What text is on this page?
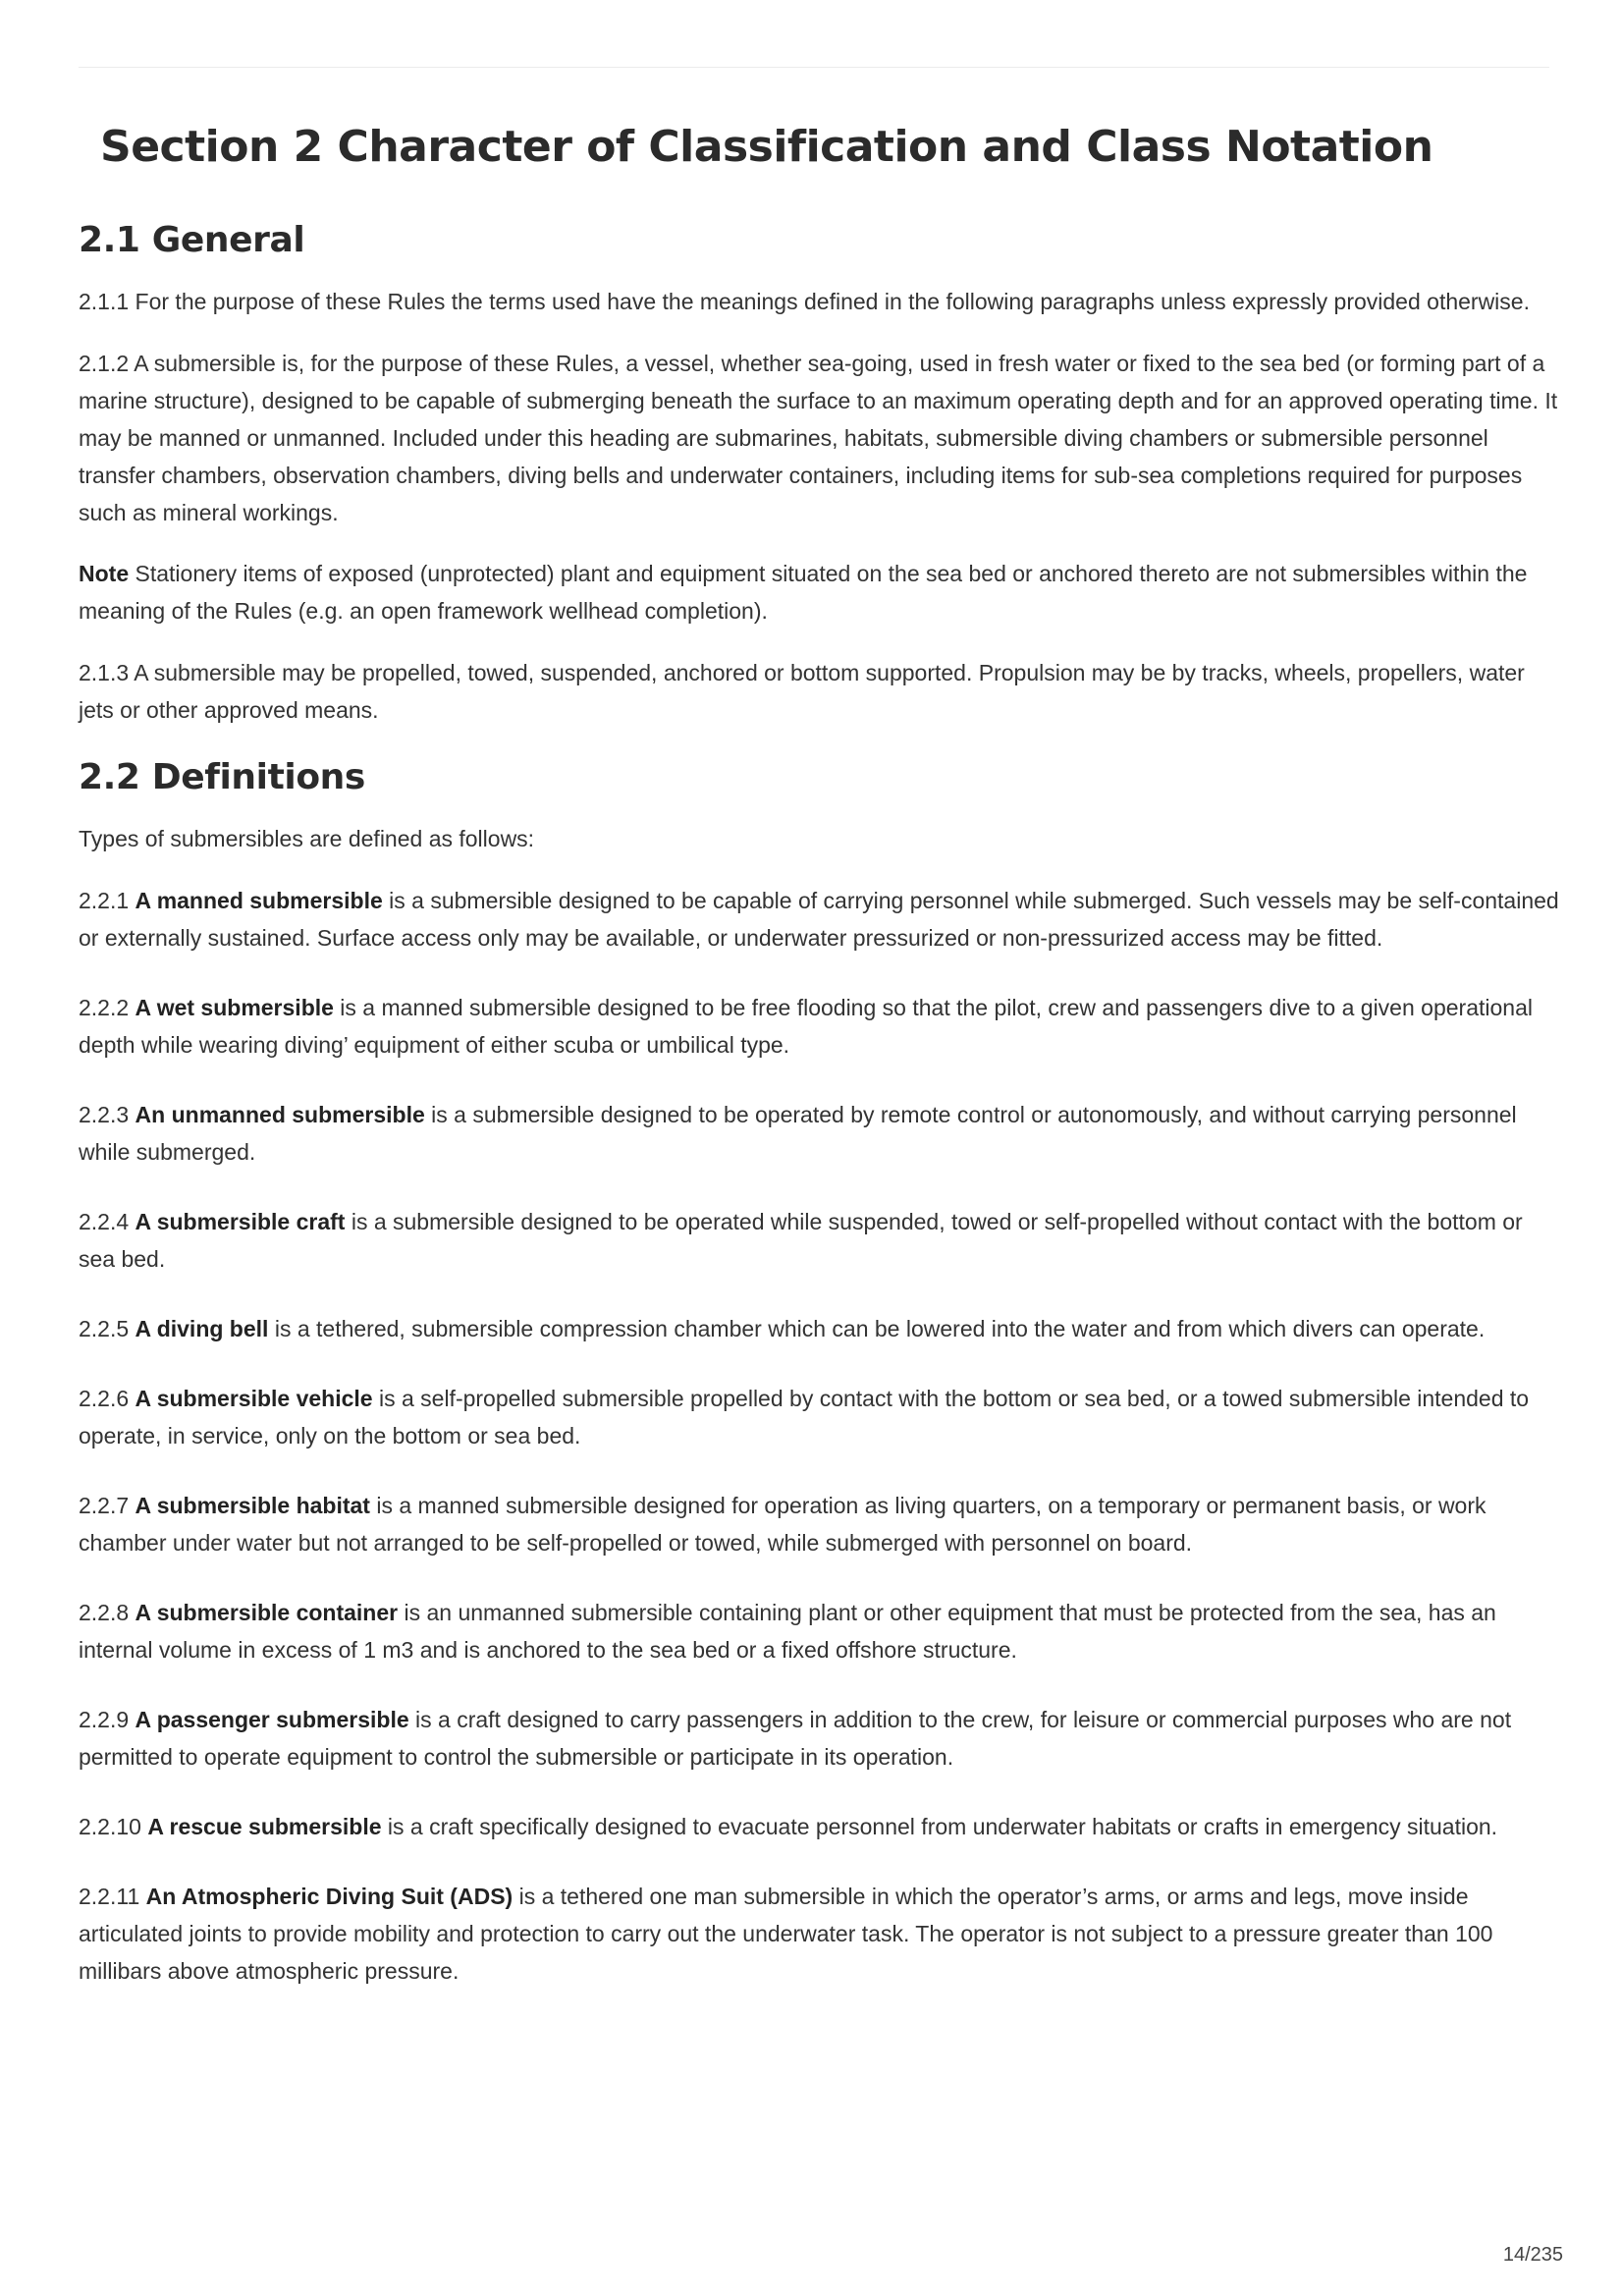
Section 2 Character of Classification and Class Notation
2.1 General

2.1.1 For the purpose of these Rules the terms used have the meanings defined in the following paragraphs unless expressly provided otherwise.

2.1.2 A submersible is, for the purpose of these Rules, a vessel, whether sea-going, used in fresh water or fixed to the sea bed (or forming part of a marine structure), designed to be capable of submerging beneath the surface to an maximum operating depth and for an approved operating time. It may be manned or unmanned. Included under this heading are submarines, habitats, submersible diving chambers or submersible personnel transfer chambers, observation chambers, diving bells and underwater containers, including items for sub-sea completions required for purposes such as mineral workings.

Note Stationery items of exposed (unprotected) plant and equipment situated on the sea bed or anchored thereto are not submersibles within the meaning of the Rules (e.g. an open framework wellhead completion).

2.1.3 A submersible may be propelled, towed, suspended, anchored or bottom supported. Propulsion may be by tracks, wheels, propellers, water jets or other approved means.

2.2 Definitions

Types of submersibles are defined as follows:

2.2.1 A manned submersible is a submersible designed to be capable of carrying personnel while submerged. Such vessels may be self-contained or externally sustained. Surface access only may be available, or underwater pressurized or non-pressurized access may be fitted.

2.2.2 A wet submersible is a manned submersible designed to be free flooding so that the pilot, crew and passengers dive to a given operational depth while wearing diving’ equipment of either scuba or umbilical type.

2.2.3 An unmanned submersible is a submersible designed to be operated by remote control or autonomously, and without carrying personnel while submerged.

2.2.4 A submersible craft is a submersible designed to be operated while suspended, towed or self-propelled without contact with the bottom or sea bed.

2.2.5 A diving bell is a tethered, submersible compression chamber which can be lowered into the water and from which divers can operate.

2.2.6 A submersible vehicle is a self-propelled submersible propelled by contact with the bottom or sea bed, or a towed submersible intended to operate, in service, only on the bottom or sea bed.

2.2.7 A submersible habitat is a manned submersible designed for operation as living quarters, on a temporary or permanent basis, or work chamber under water but not arranged to be self-propelled or towed, while submerged with personnel on board.

2.2.8 A submersible container is an unmanned submersible containing plant or other equipment that must be protected from the sea, has an internal volume in excess of 1 m3 and is anchored to the sea bed or a fixed offshore structure.

2.2.9 A passenger submersible is a craft designed to carry passengers in addition to the crew, for leisure or commercial purposes who are not permitted to operate equipment to control the submersible or participate in its operation.

2.2.10 A rescue submersible is a craft specifically designed to evacuate personnel from underwater habitats or crafts in emergency situation.

2.2.11 An Atmospheric Diving Suit (ADS) is a tethered one man submersible in which the operator’s arms, or arms and legs, move inside articulated joints to provide mobility and protection to carry out the underwater task. The operator is not subject to a pressure greater than 100 millibars above atmospheric pressure.

14/235
